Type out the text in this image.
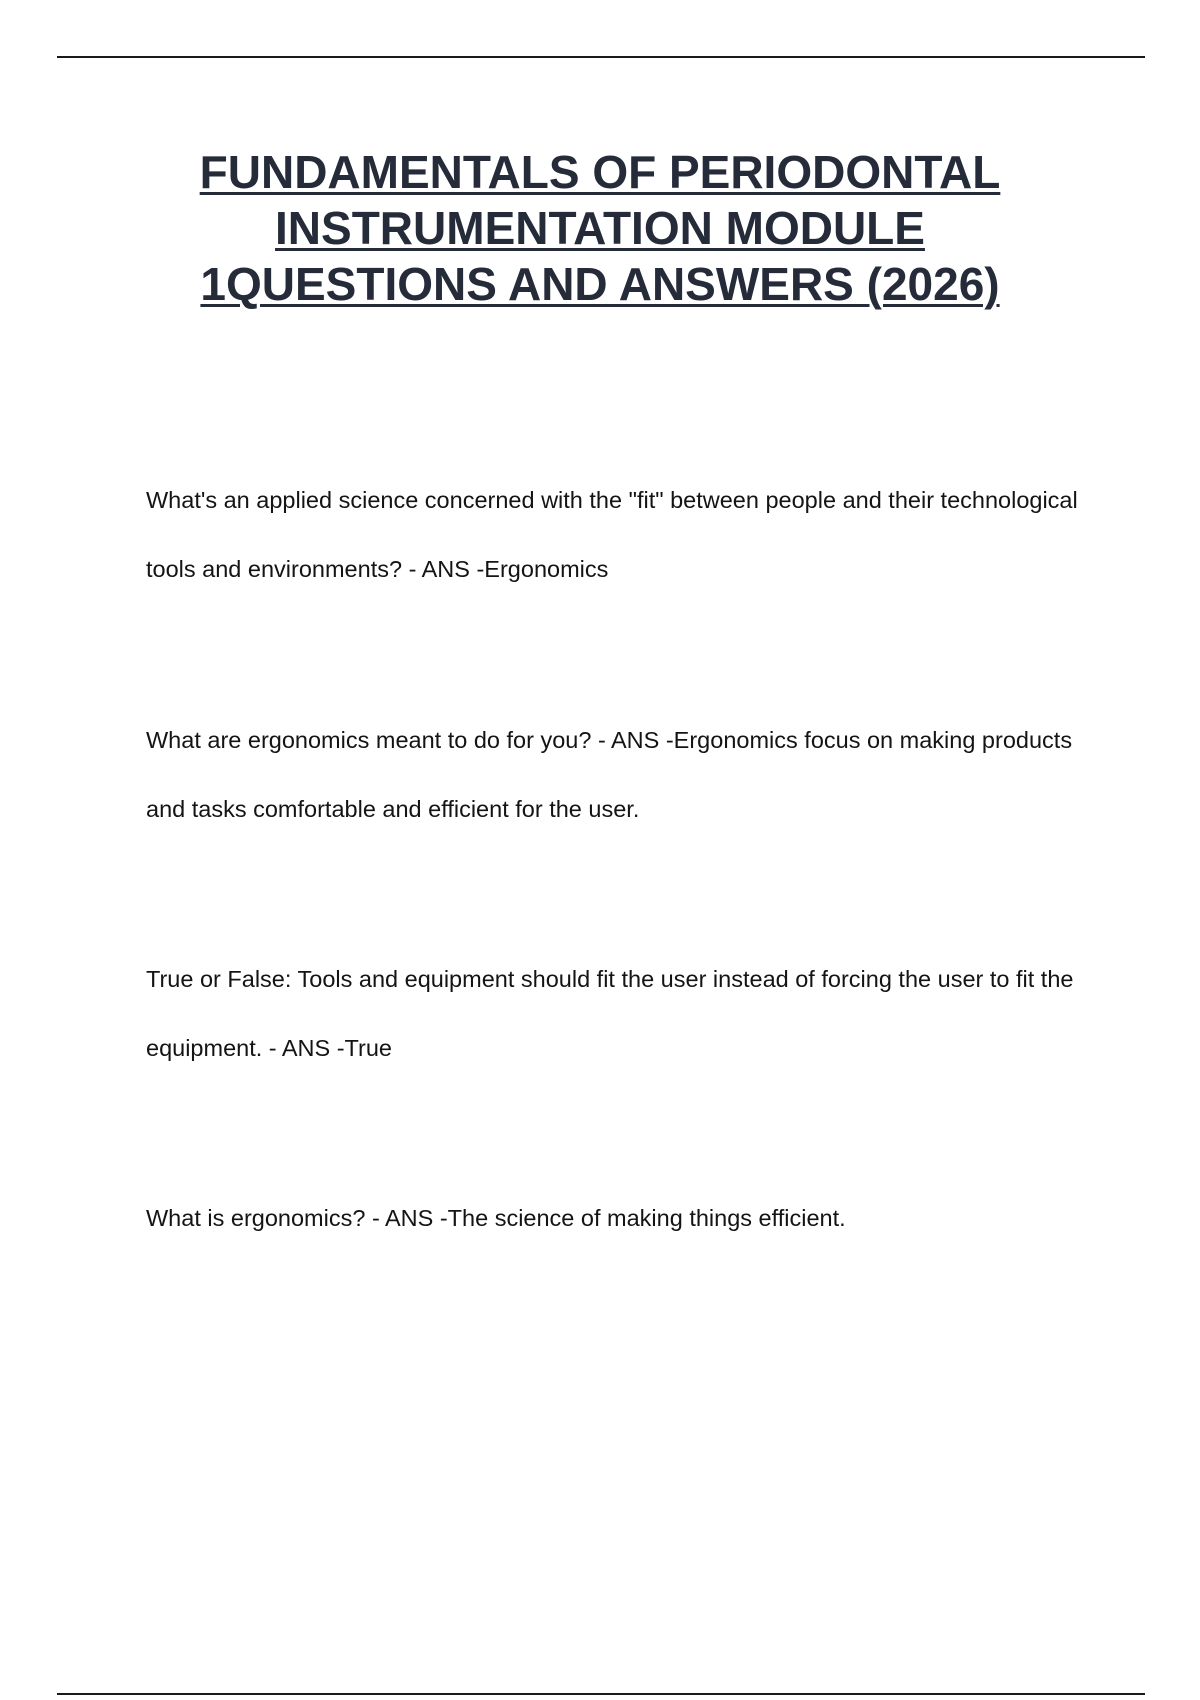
FUNDAMENTALS OF PERIODONTAL
INSTRUMENTATION MODULE
1QUESTIONS AND ANSWERS (2026)

What's an applied science concerned with the "fit" between people and their technological tools and environments? - ANS -Ergonomics

What are ergonomics meant to do for you? - ANS -Ergonomics focus on making products and tasks comfortable and efficient for the user.

True or False: Tools and equipment should fit the user instead of forcing the user to fit the equipment. - ANS -True

What is ergonomics? - ANS -The science of making things efficient.
